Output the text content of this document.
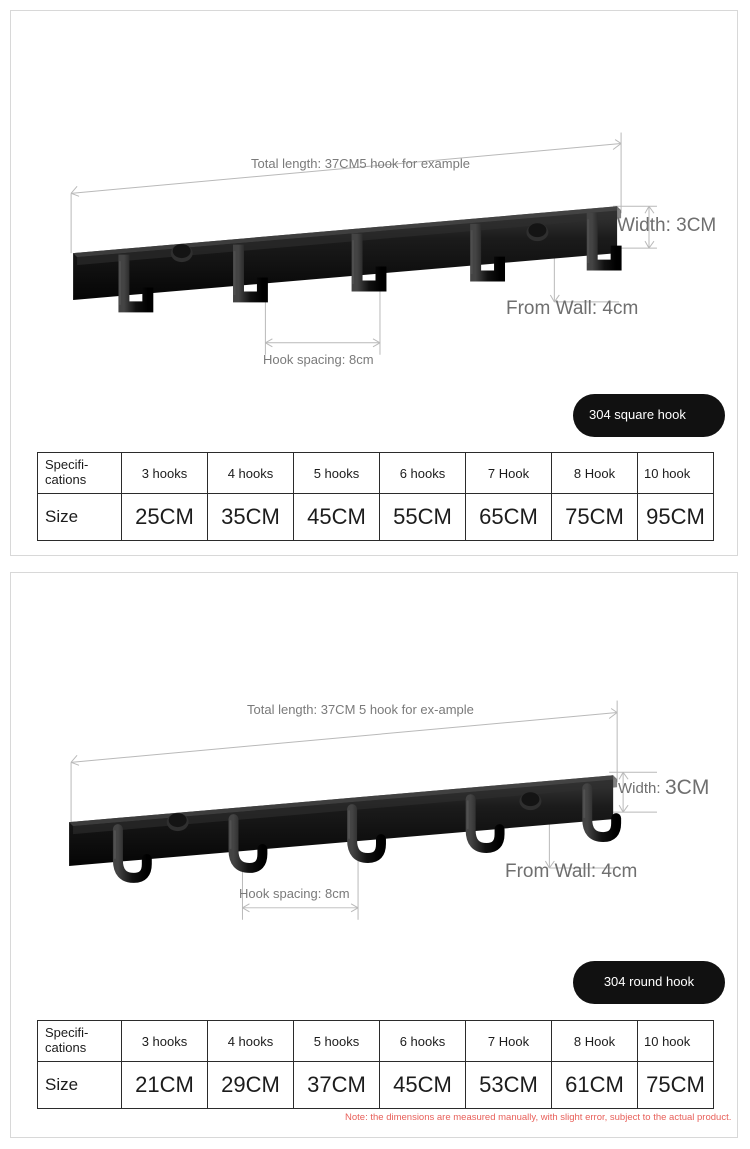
Total length: 37CM5 hook for example
Width: 3CM
From Wall: 4cm
Hook spacing: 8cm
304 square hook
Specifi-
cations	3 hooks	4 hooks	5 hooks	6 hooks	7 Hook	8 Hook	10 hook
Size	25CM	35CM	45CM	55CM	65CM	75CM	95CM
Total length: 37CM 5 hook for ex-ample
Width: 3CM
From Wall: 4cm
Hook spacing: 8cm
304 round hook
Specifi-
cations	3 hooks	4 hooks	5 hooks	6 hooks	7 Hook	8 Hook	10 hook
Size	21CM	29CM	37CM	45CM	53CM	61CM	75CM
Note: the dimensions are measured manually, with slight error, subject to the actual product.
